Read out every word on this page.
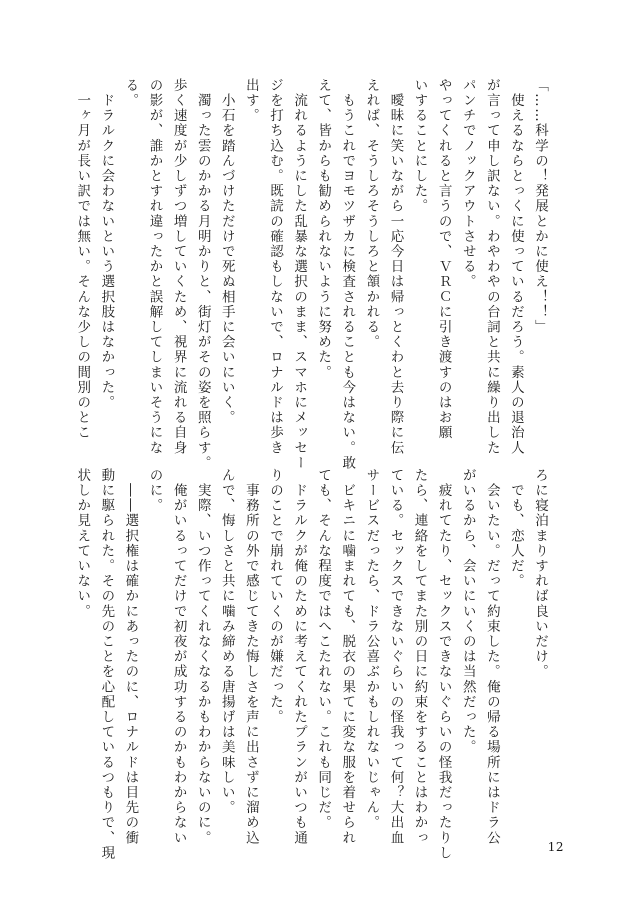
「……科学の！発展とかに使え！！」
　使えるならとっくに使っているだろう。素人の退治人
が言って申し訳ない。わやわやの台詞と共に繰り出した
パンチでノックアウトさせる。
やってくれると言うので、ＶＲＣに引き渡すのはお願
いすることにした。
　曖昧に笑いながら一応今日は帰っとくわと去り際に伝
えれば、そうしろそうしろと頷かれる。
　もうこれでヨモツザカに検査されることも今はない。敢
えて、皆からも勧められないように努めた。
　流れるようにした乱暴な選択のまま、スマホにメッセー
ジを打ち込む。既読の確認もしないで、ロナルドは歩き
出す。
　小石を踏んづけただけで死ぬ相手に会いにいく。
　濁った雲のかかる月明かりと、街灯がその姿を照らす。
歩く速度が少しずつ増していくため、視界に流れる自身
の影が、誰かとすれ違ったかと誤解してしまいそうにな
る。
　ドラルクに会わないという選択肢はなかった。
　一ヶ月が長い訳では無い。そんな少しの間別のとこ
ろに寝泊まりすれば良いだけ。
　でも、恋人だ。
　会いたい。だって約束した。俺の帰る場所にはドラ公
がいるから、会いにいくのは当然だった。
　疲れてたり、セックスできないぐらいの怪我だったりし
たら、連絡をしてまた別の日に約束をすることはわかっ
ている。セックスできないぐらいの怪我って何？大出血
サービスだったら、ドラ公喜ぶかもしれないじゃん。
　ビキニに噛まれても、脱衣の果てに変な服を着せられ
ても、そんな程度ではへこたれない。これも同じだ。
　ドラルクが俺のために考えてくれたプランがいつも通
りのことで崩れていくのが嫌だった。
　事務所の外で感じてきた悔しさを声に出さずに溜め込
んで、悔しさと共に噛み締める唐揚げは美味しい。
　実際、いつ作ってくれなくなるかもわからないのに。
　俺がいるってだけで初夜が成功するのかもわからない
のに。
　――選択権は確かにあったのに、ロナルドは目先の衝
動に駆られた。その先のことを心配しているつもりで、現
状しか見えていない。
12
